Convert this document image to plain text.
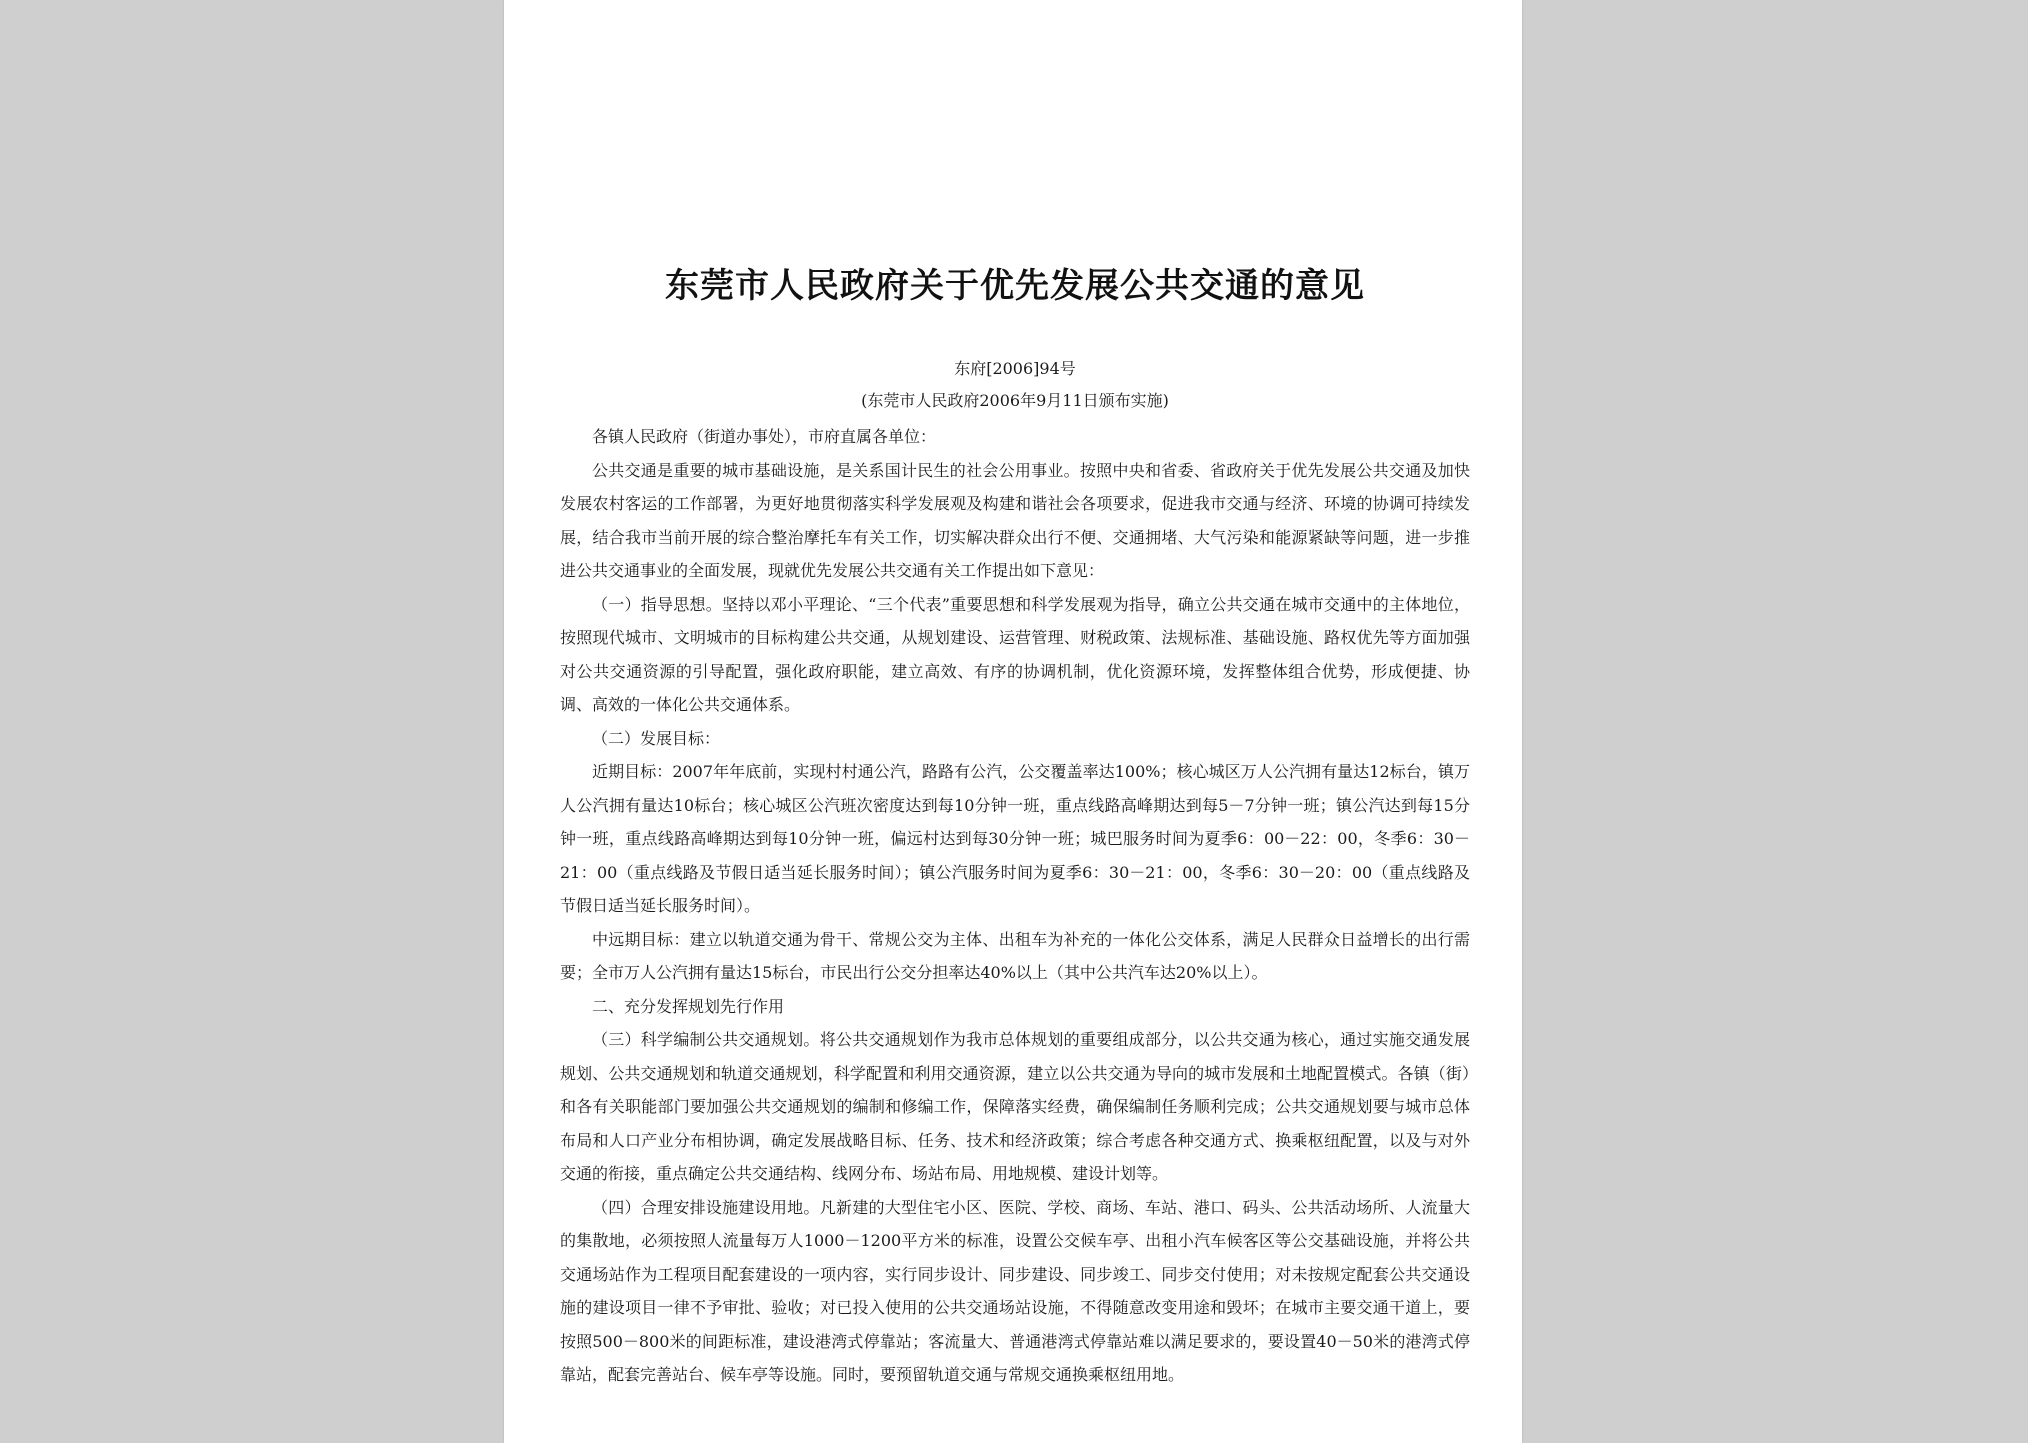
东莞市人民政府关于优先发展公共交通的意见
东府[2006]94号
(东莞市人民政府2006年9月11日颁布实施)

各镇人民政府（街道办事处），市府直属各单位：

公共交通是重要的城市基础设施，是关系国计民生的社会公用事业。按照中央和省委、省政府关于优先发展公共交通及加快发展农村客运的工作部署，为更好地贯彻落实科学发展观及构建和谐社会各项要求，促进我市交通与经济、环境的协调可持续发展，结合我市当前开展的综合整治摩托车有关工作，切实解决群众出行不便、交通拥堵、大气污染和能源紧缺等问题，进一步推进公共交通事业的全面发展，现就优先发展公共交通有关工作提出如下意见：

（一）指导思想。坚持以邓小平理论、“三个代表”重要思想和科学发展观为指导，确立公共交通在城市交通中的主体地位，按照现代城市、文明城市的目标构建公共交通，从规划建设、运营管理、财税政策、法规标准、基础设施、路权优先等方面加强对公共交通资源的引导配置，强化政府职能，建立高效、有序的协调机制，优化资源环境，发挥整体组合优势，形成便捷、协调、高效的一体化公共交通体系。

（二）发展目标：

近期目标：2007年年底前，实现村村通公汽，路路有公汽，公交覆盖率达100%；核心城区万人公汽拥有量达12标台，镇万人公汽拥有量达10标台；核心城区公汽班次密度达到每10分钟一班，重点线路高峰期达到每5－7分钟一班；镇公汽达到每15分钟一班，重点线路高峰期达到每10分钟一班，偏远村达到每30分钟一班；城巴服务时间为夏季6：00－22：00，冬季6：30－21：00（重点线路及节假日适当延长服务时间）；镇公汽服务时间为夏季6：30－21：00，冬季6：30－20：00（重点线路及节假日适当延长服务时间）。

中远期目标：建立以轨道交通为骨干、常规公交为主体、出租车为补充的一体化公交体系，满足人民群众日益增长的出行需要；全市万人公汽拥有量达15标台，市民出行公交分担率达40%以上（其中公共汽车达20%以上）。

二、充分发挥规划先行作用

（三）科学编制公共交通规划。将公共交通规划作为我市总体规划的重要组成部分，以公共交通为核心，通过实施交通发展规划、公共交通规划和轨道交通规划，科学配置和利用交通资源，建立以公共交通为导向的城市发展和土地配置模式。各镇（街）和各有关职能部门要加强公共交通规划的编制和修编工作，保障落实经费，确保编制任务顺利完成；公共交通规划要与城市总体布局和人口产业分布相协调，确定发展战略目标、任务、技术和经济政策；综合考虑各种交通方式、换乘枢纽配置，以及与对外交通的衔接，重点确定公共交通结构、线网分布、场站布局、用地规模、建设计划等。

（四）合理安排设施建设用地。凡新建的大型住宅小区、医院、学校、商场、车站、港口、码头、公共活动场所、人流量大的集散地，必须按照人流量每万人1000－1200平方米的标准，设置公交候车亭、出租小汽车候客区等公交基础设施，并将公共交通场站作为工程项目配套建设的一项内容，实行同步设计、同步建设、同步竣工、同步交付使用；对未按规定配套公共交通设施的建设项目一律不予审批、验收；对已投入使用的公共交通场站设施，不得随意改变用途和毁坏；在城市主要交通干道上，要按照500－800米的间距标准，建设港湾式停靠站；客流量大、普通港湾式停靠站难以满足要求的，要设置40－50米的港湾式停靠站，配套完善站台、候车亭等设施。同时，要预留轨道交通与常规交通换乘枢纽用地。
